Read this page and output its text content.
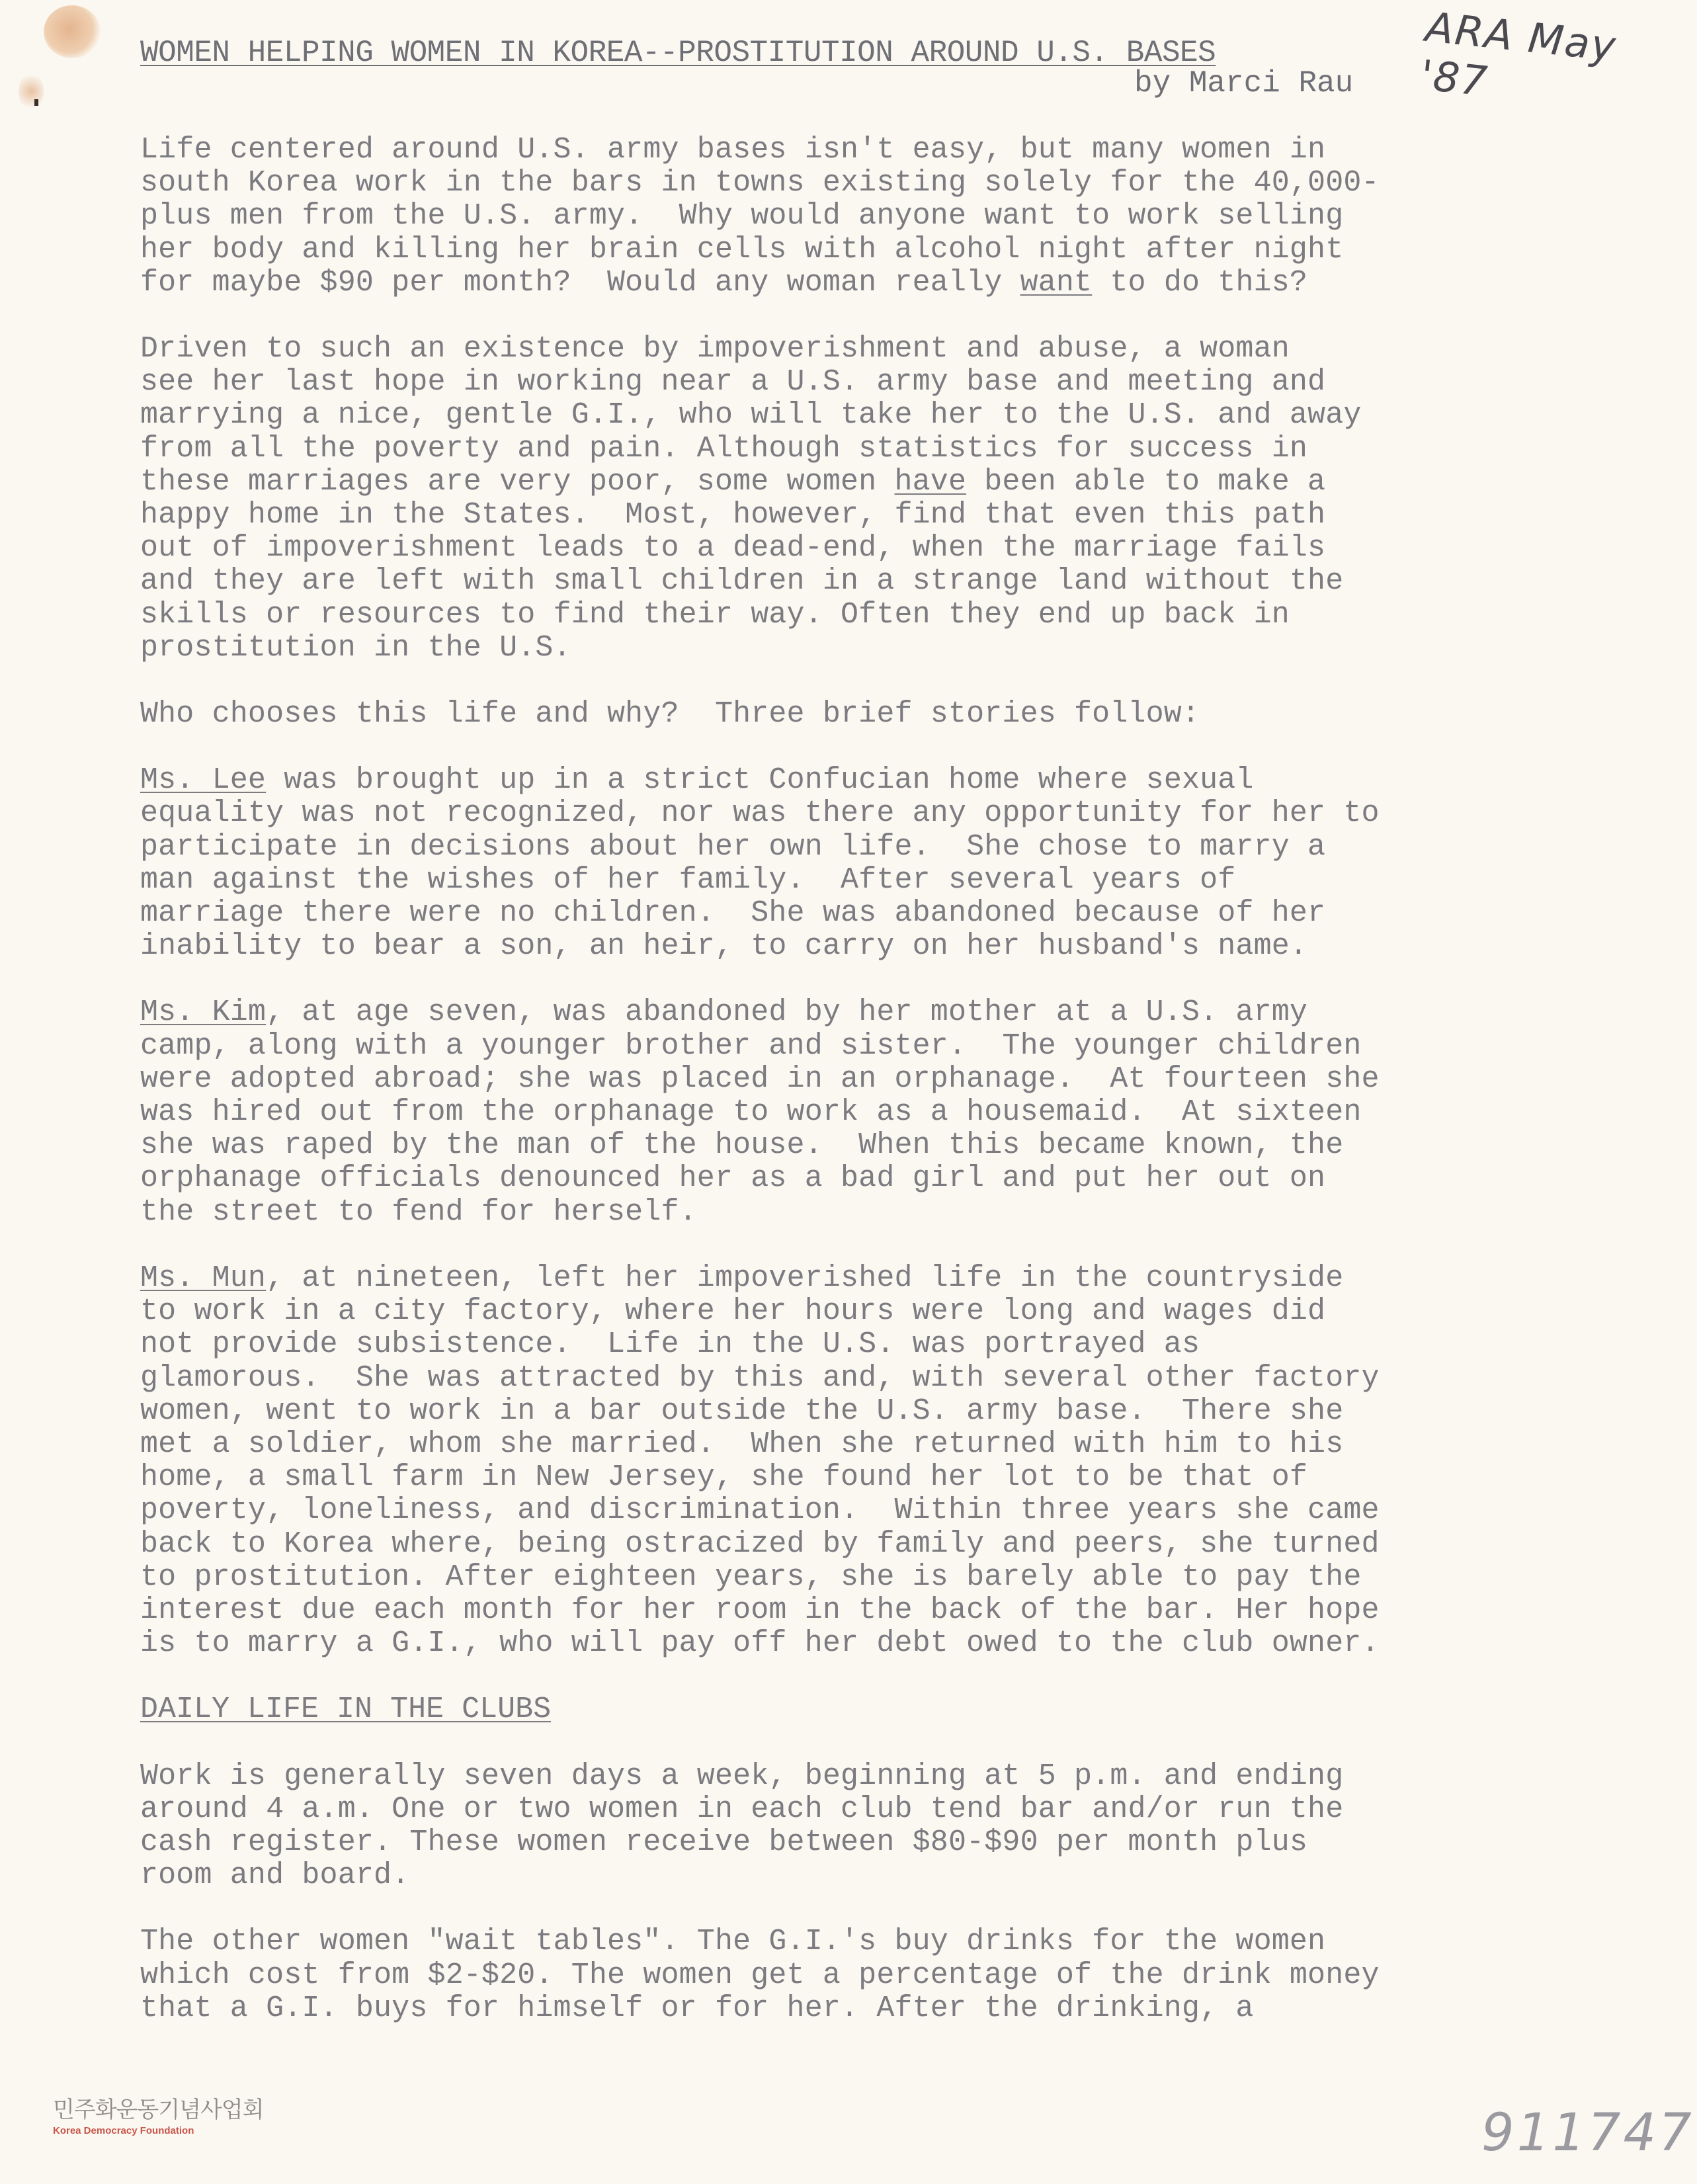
ARA May '87
WOMEN HELPING WOMEN IN KOREA--PROSTITUTION AROUND U.S. BASES
by Marci Rau

Life centered around U.S. army bases isn't easy, but many women in

south Korea work in the bars in towns existing solely for the 40,000-

plus men from the U.S. army.  Why would anyone want to work selling

her body and killing her brain cells with alcohol night after night

for maybe $90 per month?  Would any woman really want to do this?

Driven to such an existence by impoverishment and abuse, a woman

see her last hope in working near a U.S. army base and meeting and

marrying a nice, gentle G.I., who will take her to the U.S. and away

from all the poverty and pain. Although statistics for success in

these marriages are very poor, some women have been able to make a

happy home in the States.  Most, however, find that even this path

out of impoverishment leads to a dead-end, when the marriage fails

and they are left with small children in a strange land without the

skills or resources to find their way. Often they end up back in

prostitution in the U.S.

Who chooses this life and why?  Three brief stories follow:

Ms. Lee was brought up in a strict Confucian home where sexual

equality was not recognized, nor was there any opportunity for her to

participate in decisions about her own life.  She chose to marry a

man against the wishes of her family.  After several years of

marriage there were no children.  She was abandoned because of her

inability to bear a son, an heir, to carry on her husband's name.

Ms. Kim, at age seven, was abandoned by her mother at a U.S. army

camp, along with a younger brother and sister.  The younger children

were adopted abroad; she was placed in an orphanage.  At fourteen she

was hired out from the orphanage to work as a housemaid.  At sixteen

she was raped by the man of the house.  When this became known, the

orphanage officials denounced her as a bad girl and put her out on

the street to fend for herself.

Ms. Mun, at nineteen, left her impoverished life in the countryside

to work in a city factory, where her hours were long and wages did

not provide subsistence.  Life in the U.S. was portrayed as

glamorous.  She was attracted by this and, with several other factory

women, went to work in a bar outside the U.S. army base.  There she

met a soldier, whom she married.  When she returned with him to his

home, a small farm in New Jersey, she found her lot to be that of

poverty, loneliness, and discrimination.  Within three years she came

back to Korea where, being ostracized by family and peers, she turned

to prostitution. After eighteen years, she is barely able to pay the

interest due each month for her room in the back of the bar. Her hope

is to marry a G.I., who will pay off her debt owed to the club owner.

DAILY LIFE IN THE CLUBS

Work is generally seven days a week, beginning at 5 p.m. and ending

around 4 a.m. One or two women in each club tend bar and/or run the

cash register. These women receive between $80-$90 per month plus

room and board.

The other women "wait tables". The G.I.'s buy drinks for the women

which cost from $2-$20. The women get a percentage of the drink money

that a G.I. buys for himself or for her. After the drinking, a

민주화운동기념사업회
Korea Democracy Foundation	911747
